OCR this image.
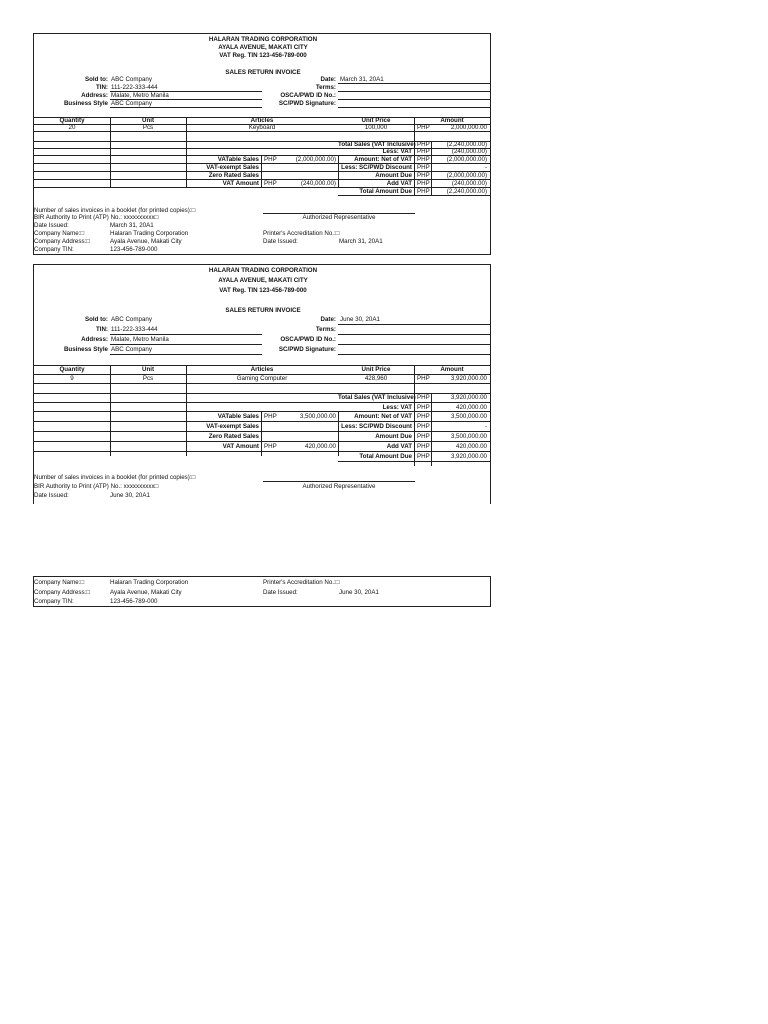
HALARAN TRADING CORPORATION
AYALA AVENUE, MAKATI CITY
VAT Reg. TIN 123-456-789-000
SALES RETURN INVOICE
Sold to: ABC Company
TIN: 111-222-333-444
Address: Malate, Metro Manila
Business Style ABC Company
Date: March 31, 20A1
Terms:
OSCA/PWD ID No.:
SC/PWD Signature:
Quantity	Unit	Articles	Unit Price	Amount
20	Pcs	Keyboard	100,000	PHP	2,000,000.00
Total Sales (VAT Inclusive) PHP	(2,240,000.00)
Less: VAT PHP	(240,000.00)
VATable Sales PHP	(2,000,000.00)	Amount: Net of VAT PHP	(2,000,000.00)
VAT-exempt Sales	Less: SC/PWD Discount PHP	-
Zero Rated Sales	Amount Due PHP	(2,000,000.00)
VAT Amount PHP	(240,000.00)	Add VAT PHP	(240,000.00)
Total Amount Due PHP	(2,240,000.00)
Number of sales invoices in a booklet (for printed copies):□
BIR Authority to Print (ATP) No.: xxxxxxxxxx□	Authorized Representative
Date Issued:	March 31, 20A1
Company Name:□	Halaran Trading Corporation	Printer's Accreditation No.:□
Company Address:□	Ayala Avenue, Makati City	Date Issued:	March 31, 20A1
Company TIN:	123-456-789-000
HALARAN TRADING CORPORATION
AYALA AVENUE, MAKATI CITY
VAT Reg. TIN 123-456-789-000
SALES RETURN INVOICE
Sold to: ABC Company
TIN: 111-222-333-444
Address: Malate, Metro Manila
Business Style ABC Company
Date: June 30, 20A1
Terms:
OSCA/PWD ID No.:
SC/PWD Signature:
Quantity	Unit	Articles	Unit Price	Amount
9	Pcs	Gaming Computer	428,960	PHP	3,920,000.00
Total Sales (VAT Inclusive) PHP	3,920,000.00
Less: VAT PHP	420,000.00
VATable Sales PHP	3,500,000.00	Amount: Net of VAT PHP	3,500,000.00
VAT-exempt Sales	Less: SC/PWD Discount PHP	-
Zero Rated Sales	Amount Due PHP	3,500,000.00
VAT Amount PHP	420,000.00	Add VAT PHP	420,000.00
Total Amount Due PHP	3,920,000.00
Number of sales invoices in a booklet (for printed copies):□
BIR Authority to Print (ATP) No.: xxxxxxxxxx□	Authorized Representative
Date Issued:	June 30, 20A1
Company Name:□	Halaran Trading Corporation	Printer's Accreditation No.:□
Company Address:□	Ayala Avenue, Makati City	Date Issued:	June 30, 20A1
Company TIN:	123-456-789-000
